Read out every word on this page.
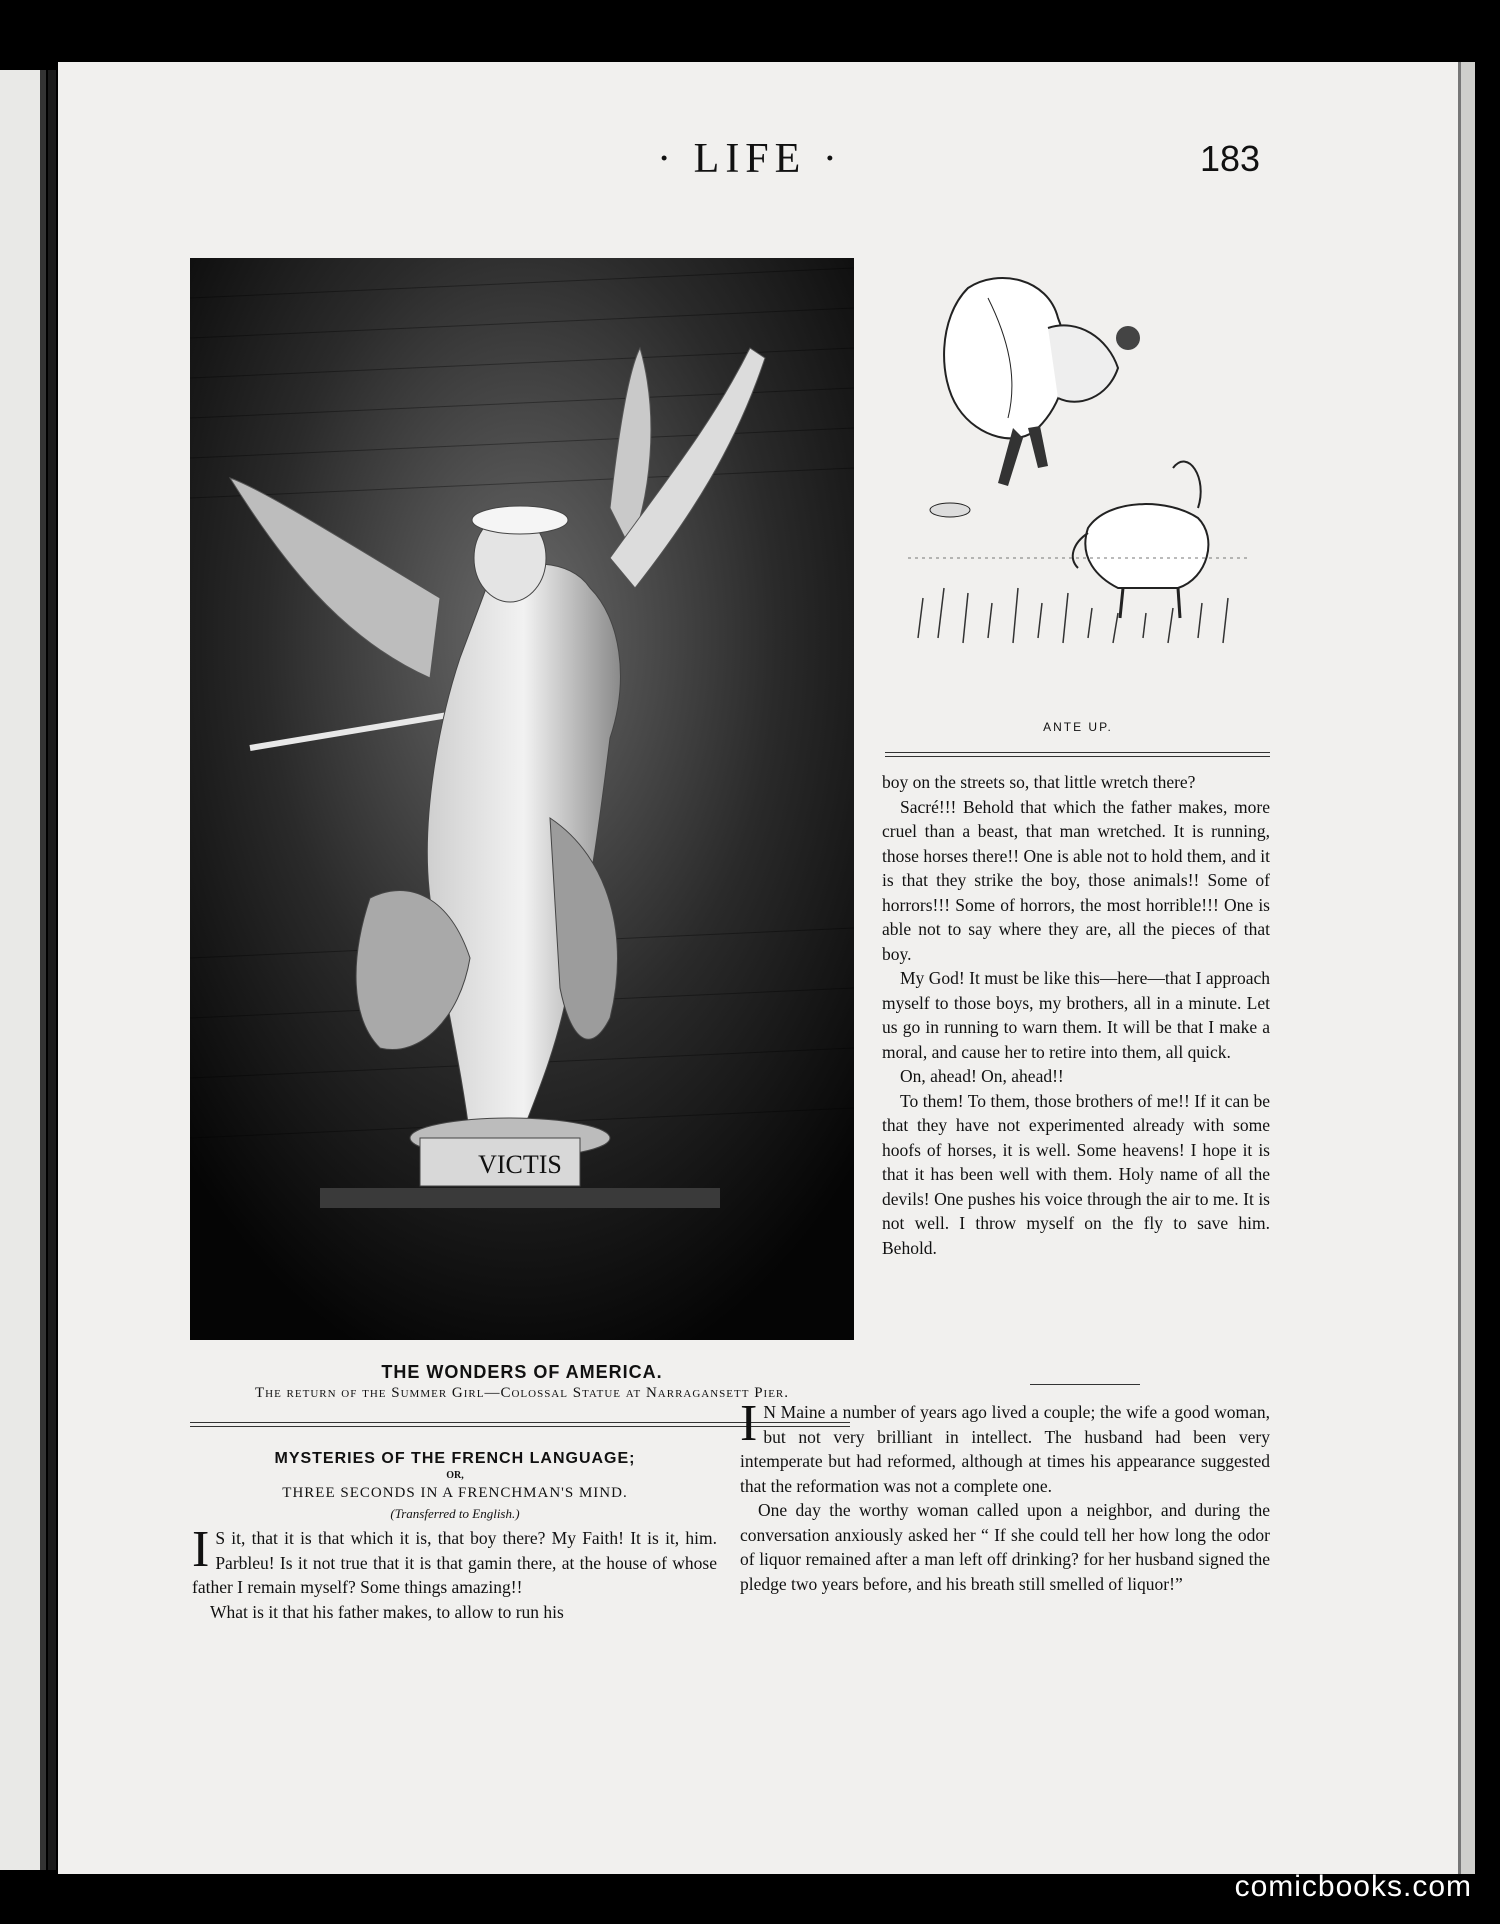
· LIFE ·	183
VICTIS
ANTE UP.

boy on the streets so, that little wretch there?

Sacré!!! Behold that which the father makes, more cruel than a beast, that man wretched. It is running, those horses there!! One is able not to hold them, and it is that they strike the boy, those animals!! Some of horrors!!! Some of horrors, the most horrible!!! One is able not to say where they are, all the pieces of that boy.

My God! It must be like this—here—that I approach myself to those boys, my brothers, all in a minute. Let us go in running to warn them. It will be that I make a moral, and cause her to retire into them, all quick.

On, ahead! On, ahead!!

To them! To them, those brothers of me!! If it can be that they have not experimented already with some hoofs of horses, it is well. Some heavens! I hope it is that it has been well with them. Holy name of all the devils! One pushes his voice through the air to me. It is not well. I throw myself on the fly to save him. Behold.

THE WONDERS OF AMERICA.
The return of the Summer Girl—Colossal Statue at Narragansett Pier.

I N Maine a number of years ago lived a couple; the wife a good woman, but not very brilliant in intellect. The husband had been very intemperate but had reformed, although at times his appearance suggested that the reformation was not a complete one.

One day the worthy woman called upon a neighbor, and during the conversation anxiously asked her “ If she could tell her how long the odor of liquor remained after a man left off drinking? for her husband signed the pledge two years before, and his breath still smelled of liquor!”

MYSTERIES OF THE FRENCH LANGUAGE;
OR,
THREE SECONDS IN A FRENCHMAN'S MIND.
(Transferred to English.)

I S it, that it is that which it is, that boy there? My Faith! It is it, him. Parbleu! Is it not true that it is that gamin there, at the house of whose father I remain myself? Some things amazing!!

What is it that his father makes, to allow to run his

comicbooks.com
